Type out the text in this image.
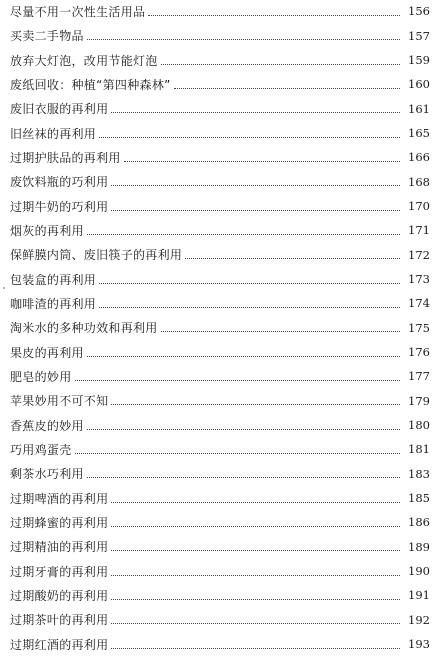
尽量不用一次性生活用品	156
买卖二手物品	157
放弃大灯泡，改用节能灯泡	159
废纸回收：种植“第四种森林”	160
废旧衣服的再利用	161
旧丝袜的再利用	165
过期护肤品的再利用	166
废饮料瓶的巧利用	168
过期牛奶的巧利用	170
烟灰的再利用	171
保鲜膜内筒、废旧筷子的再利用	172
包装盒的再利用	173
咖啡渣的再利用	174
淘米水的多种功效和再利用	175
果皮的再利用	176
肥皂的妙用	177
苹果妙用不可不知	179
香蕉皮的妙用	180
巧用鸡蛋壳	181
剩茶水巧利用	183
过期啤酒的再利用	185
过期蜂蜜的再利用	186
过期精油的再利用	189
过期牙膏的再利用	190
过期酸奶的再利用	191
过期茶叶的再利用	192
过期红酒的再利用	193
